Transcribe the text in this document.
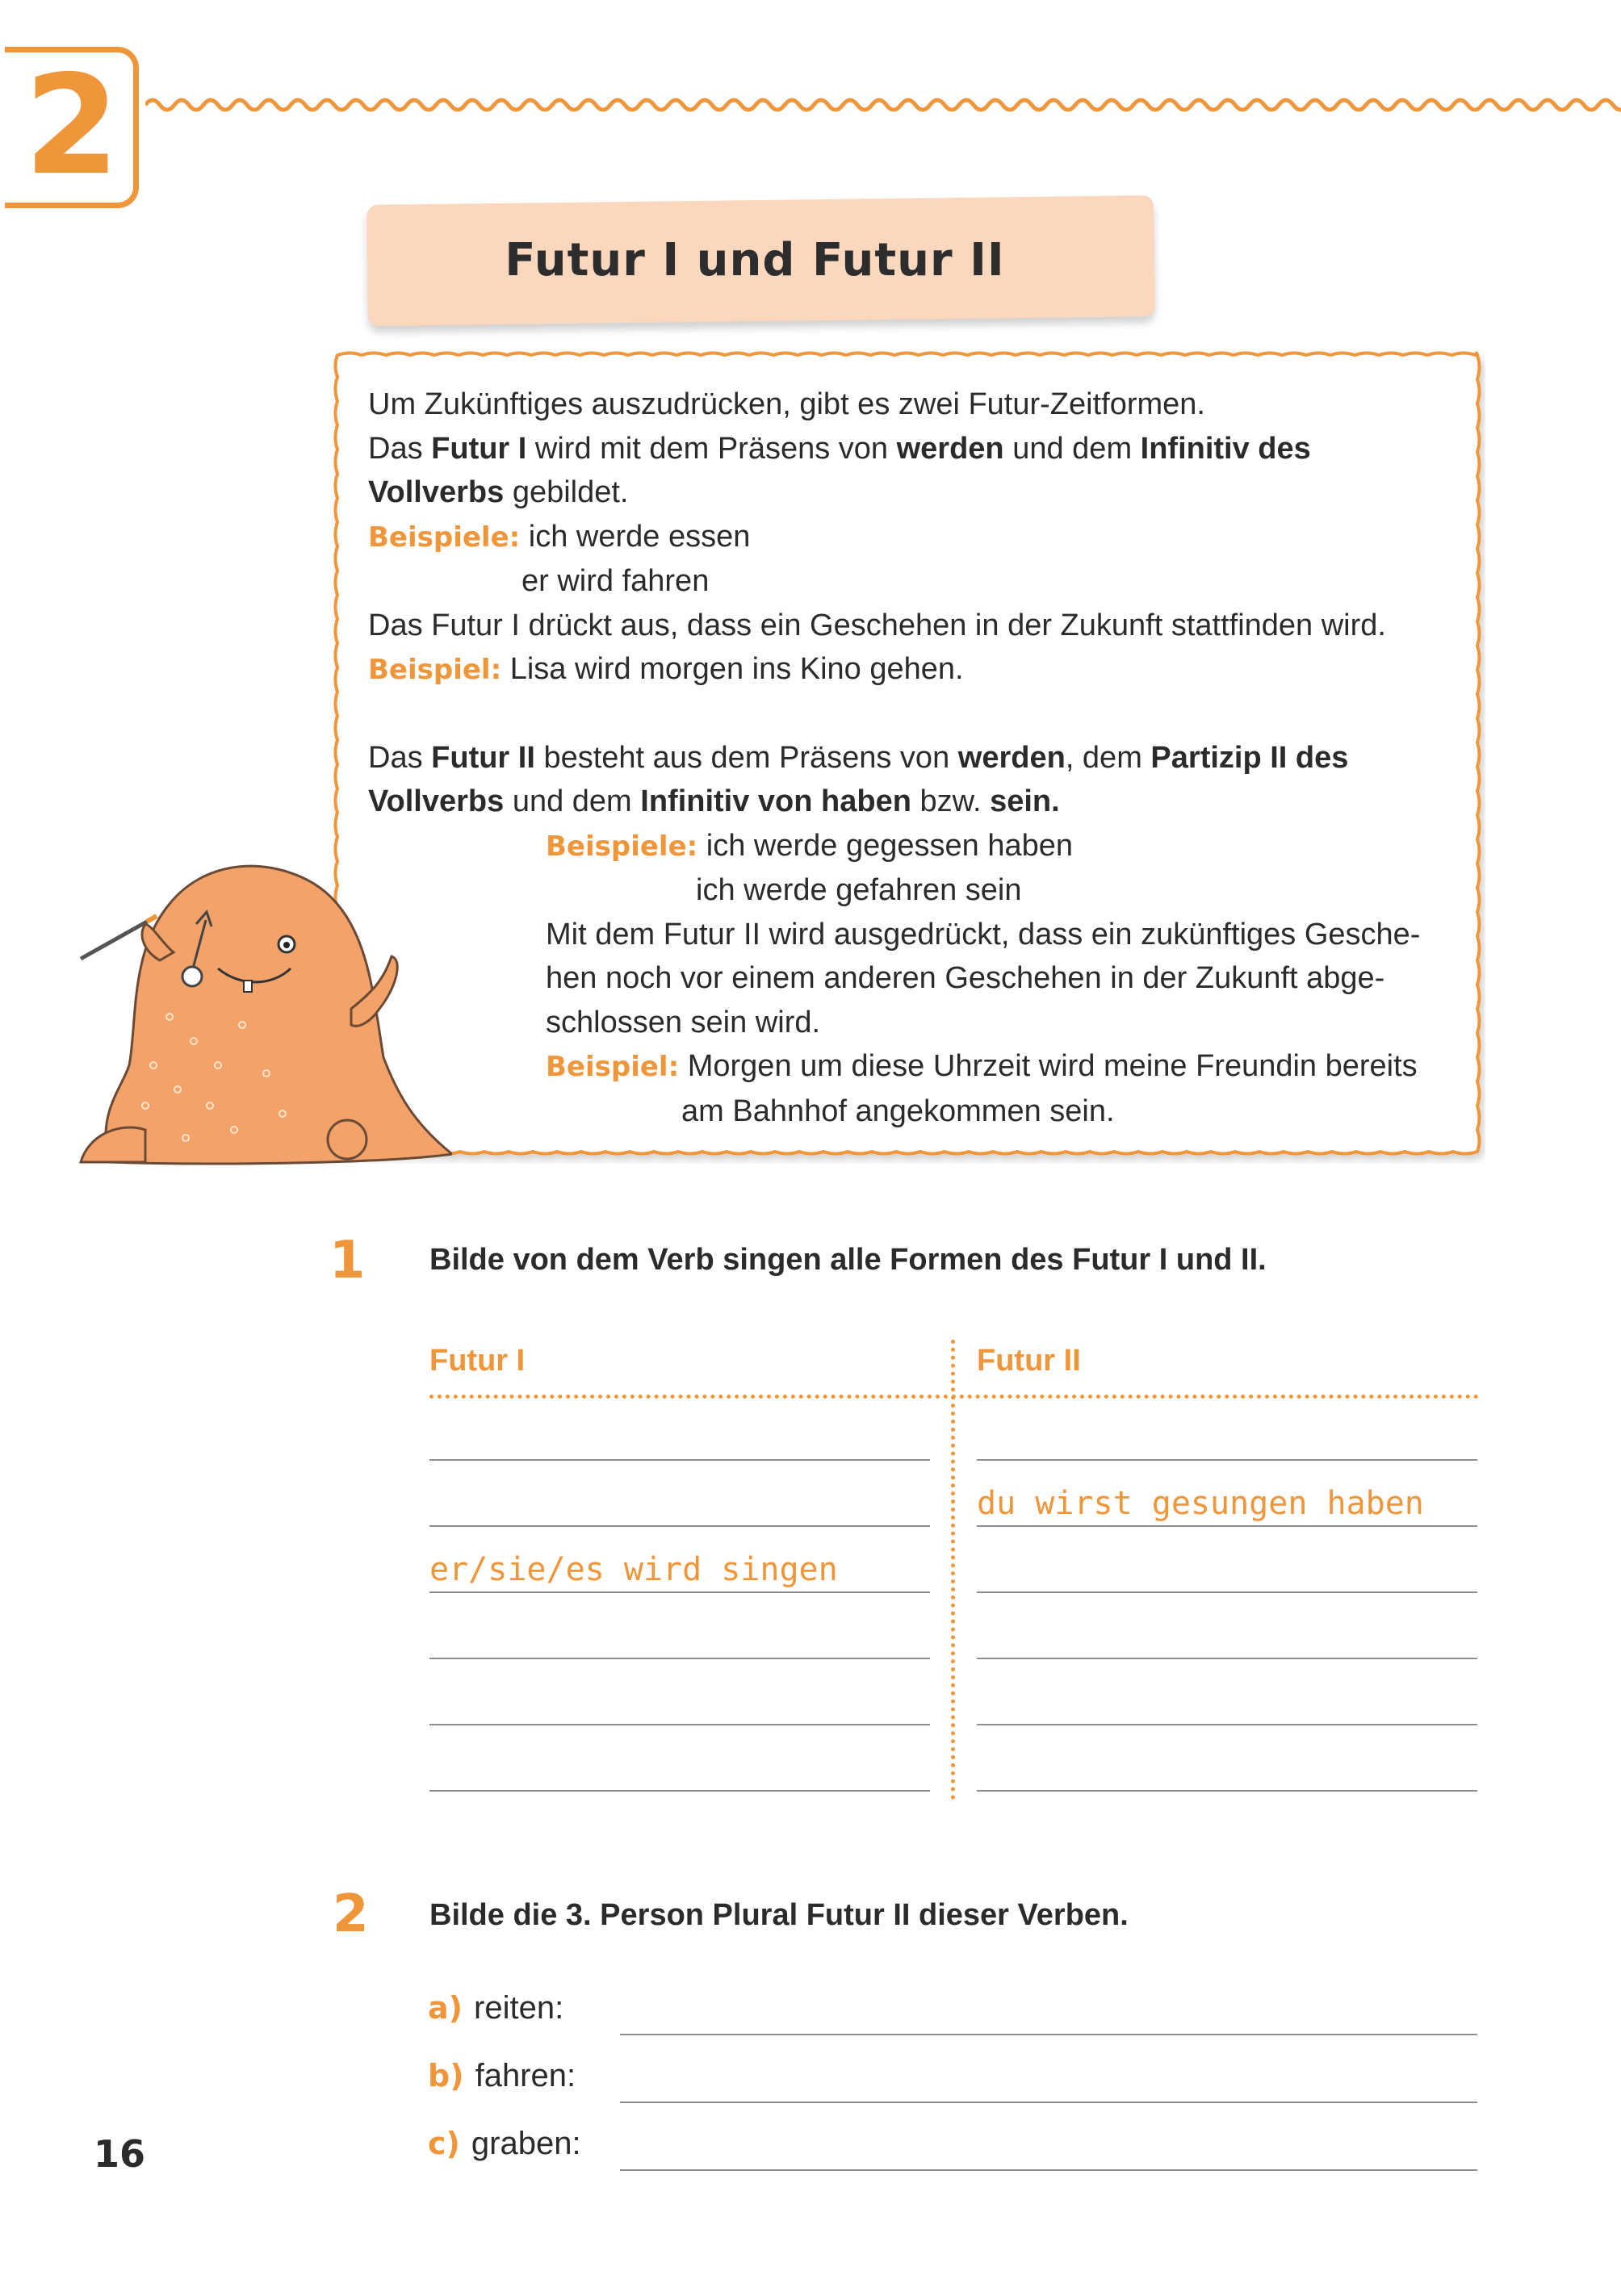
2
Futur I und Futur II
Um Zukünftiges auszudrücken, gibt es zwei Futur-Zeitformen.
Das Futur I wird mit dem Präsens von werden und dem Infinitiv des
Vollverbs gebildet.
Beispiele: ich werde essen
er wird fahren
Das Futur I drückt aus, dass ein Geschehen in der Zukunft stattfinden wird.
Beispiel: Lisa wird morgen ins Kino gehen.
Das Futur II besteht aus dem Präsens von werden, dem Partizip II des
Vollverbs und dem Infinitiv von haben bzw. sein.
Beispiele: ich werde gegessen haben
ich werde gefahren sein
Mit dem Futur II wird ausgedrückt, dass ein zukünftiges Gesche-
hen noch vor einem anderen Geschehen in der Zukunft abge-
schlossen sein wird.
Beispiel: Morgen um diese Uhrzeit wird meine Freundin bereits
am Bahnhof angekommen sein.
1 Bilde von dem Verb singen alle Formen des Futur I und II.
Futur I	Futur II
du wirst gesungen haben
er/sie/es wird singen
2 Bilde die 3. Person Plural Futur II dieser Verben.
a) reiten:
b) fahren:
c) graben:
16
